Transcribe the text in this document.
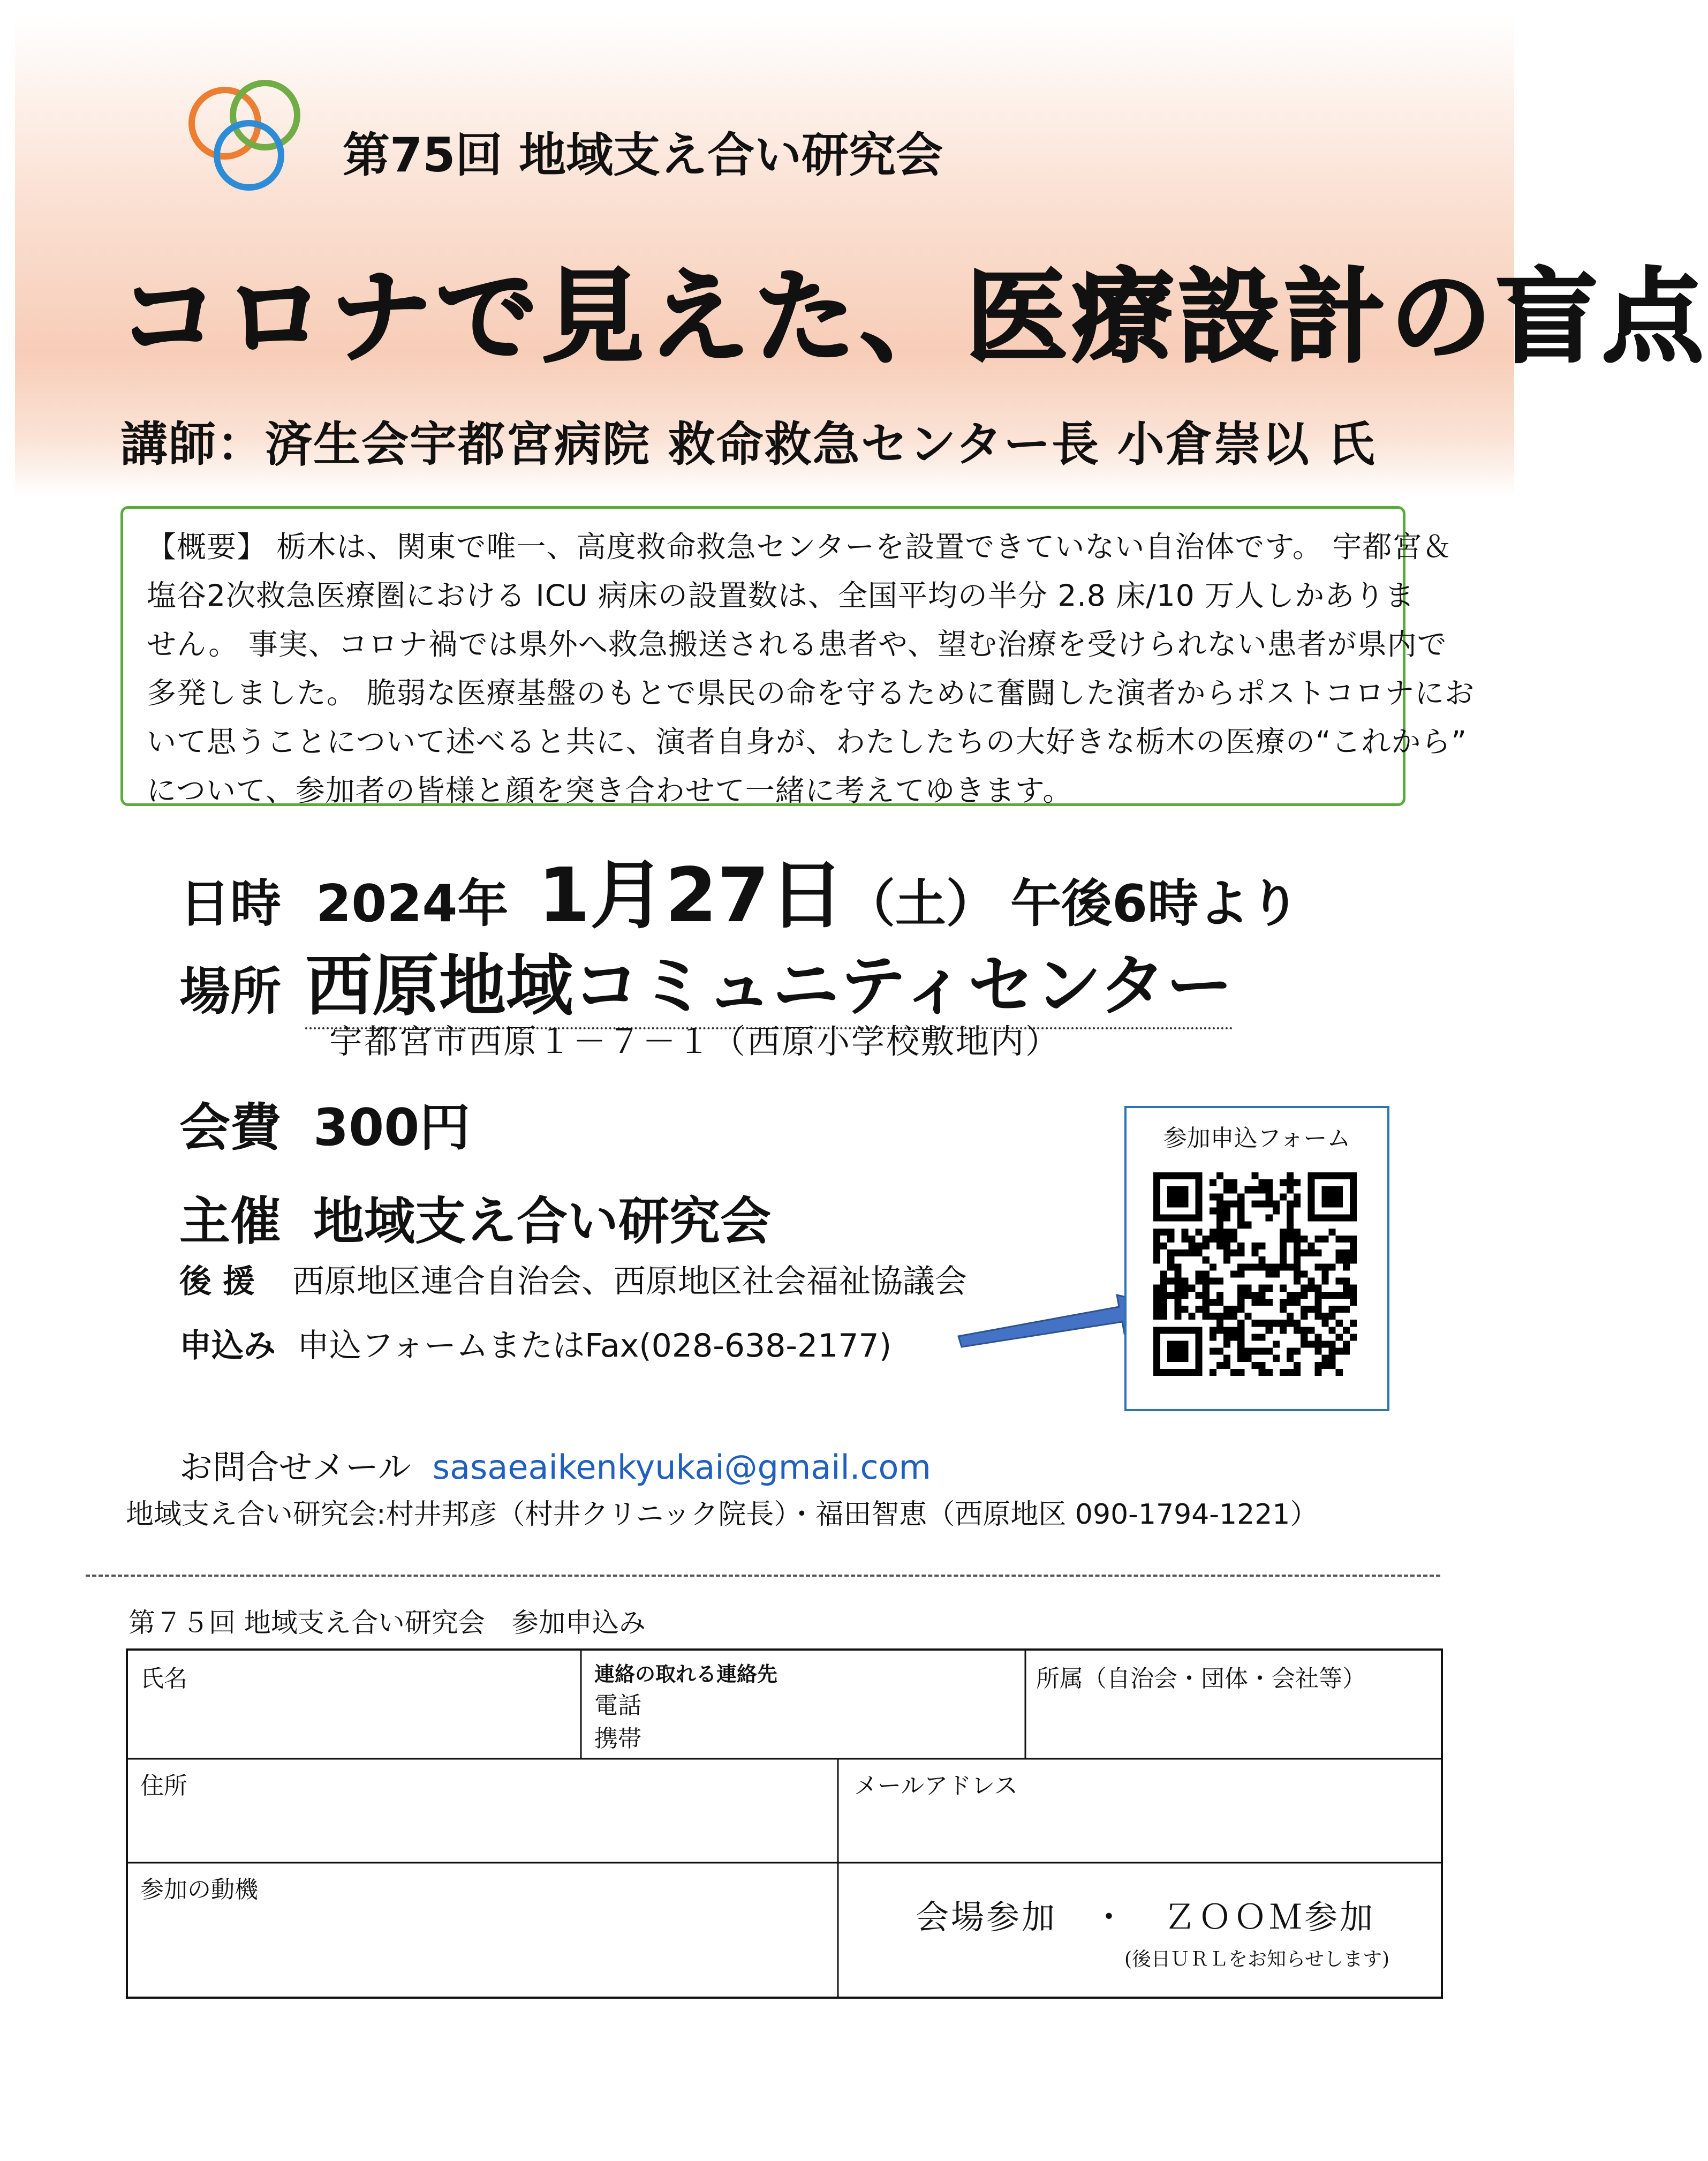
第75回 地域支え合い研究会
コロナで見えた、医療設計の盲点
講師：済生会宇都宮病院 救命救急センター長 小倉崇以 氏
【概要】 栃木は、関東で唯一、高度救命救急センターを設置できていない自治体です。 宇都宮＆
塩谷2次救急医療圏における ICU 病床の設置数は、全国平均の半分 2.8 床/10 万人しかありま
せん。 事実、コロナ禍では県外へ救急搬送される患者や、望む治療を受けられない患者が県内で
多発しました。 脆弱な医療基盤のもとで県民の命を守るために奮闘した演者からポストコロナにお
いて思うことについて述べると共に、演者自身が、わたしたちの大好きな栃木の医療の“これから”
について、参加者の皆様と顔を突き合わせて一緒に考えてゆきます。
日時 2024年 1月27日（土） 午後6時より
場所 西原地域コミュニティセンター
宇都宮市西原１－７－１（西原小学校敷地内）
会費 300円
主催 地域支え合い研究会
後 援 西原地区連合自治会、西原地区社会福祉協議会
申込み 申込フォームまたはFax(028-638-2177)
参加申込フォーム
お問合せメール sasaeaikenkyukai@gmail.com
地域支え合い研究会:村井邦彦（村井クリニック院長）・福田智恵（西原地区 090-1794-1221）
第７５回 地域支え合い研究会　参加申込み
氏名	連絡の取れる連絡先
電話
携帯
所属（自治会・団体・会社等）
住所	メールアドレス
参加の動機
会場参加　・　ＺＯＯＭ参加
(後日ＵＲＬをお知らせします)
